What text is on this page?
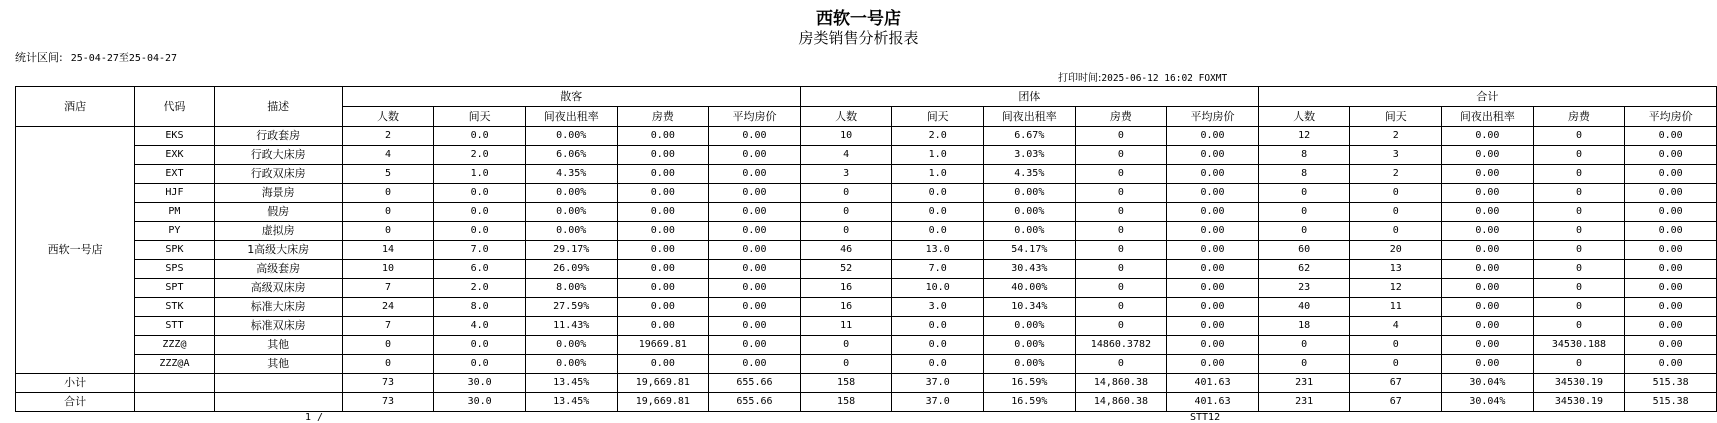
西软一号店
房类销售分析报表
统计区间: 25-04-27至25-04-27
打印时间:2025-06-12 16:02 FOXMT
酒店	代码	描述	散客					团体					合计				
			人数	间天	间夜出租率	房费	平均房价	人数	间天	间夜出租率	房费	平均房价	人数	间天	间夜出租率	房费	平均房价
西软一号店	EKS	行政套房	2	0.0	0.00%	0.00	0.00	10	2.0	6.67%	0	0.00	12	2	0.00	0	0.00
	EXK	行政大床房	4	2.0	6.06%	0.00	0.00	4	1.0	3.03%	0	0.00	8	3	0.00	0	0.00
	EXT	行政双床房	5	1.0	4.35%	0.00	0.00	3	1.0	4.35%	0	0.00	8	2	0.00	0	0.00
	HJF	海景房	0	0.0	0.00%	0.00	0.00	0	0.0	0.00%	0	0.00	0	0	0.00	0	0.00
	PM	假房	0	0.0	0.00%	0.00	0.00	0	0.0	0.00%	0	0.00	0	0	0.00	0	0.00
	PY	虚拟房	0	0.0	0.00%	0.00	0.00	0	0.0	0.00%	0	0.00	0	0	0.00	0	0.00
	SPK	1高级大床房	14	7.0	29.17%	0.00	0.00	46	13.0	54.17%	0	0.00	60	20	0.00	0	0.00
	SPS	高级套房	10	6.0	26.09%	0.00	0.00	52	7.0	30.43%	0	0.00	62	13	0.00	0	0.00
	SPT	高级双床房	7	2.0	8.00%	0.00	0.00	16	10.0	40.00%	0	0.00	23	12	0.00	0	0.00
	STK	标准大床房	24	8.0	27.59%	0.00	0.00	16	3.0	10.34%	0	0.00	40	11	0.00	0	0.00
	STT	标准双床房	7	4.0	11.43%	0.00	0.00	11	0.0	0.00%	0	0.00	18	4	0.00	0	0.00
	ZZZ@	其他	0	0.0	0.00%	19669.81	0.00	0	0.0	0.00%	14860.3782	0.00	0	0	0.00	34530.188	0.00
	ZZZ@A	其他	0	0.0	0.00%	0.00	0.00	0	0.0	0.00%	0	0.00	0	0	0.00	0	0.00
小计			73	30.0	13.45%	19,669.81	655.66	158	37.0	16.59%	14,860.38	401.63	231	67	30.04%	34530.19	515.38
合计			73	30.0	13.45%	19,669.81	655.66	158	37.0	16.59%	14,860.38	401.63	231	67	30.04%	34530.19	515.38
1 /	STT12
